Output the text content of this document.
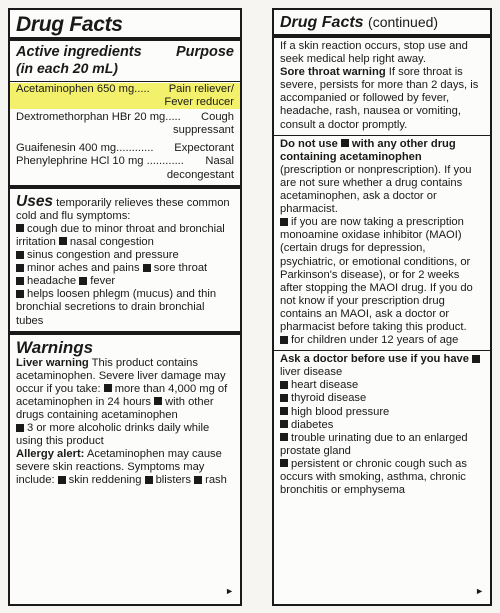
Drug Facts
Active ingredients Purpose
(in each 20 mL)
Acetaminophen 650 mg.....	Pain reliever/
Fever reducer
Dextromethorphan HBr 20 mg.....	Cough
suppressant
Guaifenesin 400 mg............	Expectorant
Phenylephrine HCl 10 mg ............	Nasal
decongestant
Uses temporarily relieves these common cold and flu symptoms:
cough due to minor throat and bronchial irritation nasal congestion
sinus congestion and pressure
minor aches and pains sore throat
headache fever
helps loosen phlegm (mucus) and thin bronchial secretions to drain bronchial tubes
Warnings
Liver warning This product contains acetaminophen. Severe liver damage may occur if you take: more than 4,000 mg of acetaminophen in 24 hours with other drugs containing acetaminophen
3 or more alcoholic drinks daily while using this product
Allergy alert: Acetaminophen may cause severe skin reactions. Symptoms may include: skin reddening blisters rash
►
Drug Facts (continued)
If a skin reaction occurs, stop use and seek medical help right away.
Sore throat warning If sore throat is severe, persists for more than 2 days, is accompanied or followed by fever, headache, rash, nausea or vomiting, consult a doctor promptly.
Do not use with any other drug containing acetaminophen (prescription or nonprescription). If you are not sure whether a drug contains acetaminophen, ask a doctor or pharmacist.
if you are now taking a prescription monoamine oxidase inhibitor (MAOI) (certain drugs for depression, psychiatric, or emotional conditions, or Parkinson's disease), or for 2 weeks after stopping the MAOI drug. If you do not know if your prescription drug contains an MAOI, ask a doctor or pharmacist before taking this product.
for children under 12 years of age
Ask a doctor before use if you have liver disease
heart disease
thyroid disease
high blood pressure
diabetes
trouble urinating due to an enlarged prostate gland
persistent or chronic cough such as occurs with smoking, asthma, chronic bronchitis or emphysema
►
